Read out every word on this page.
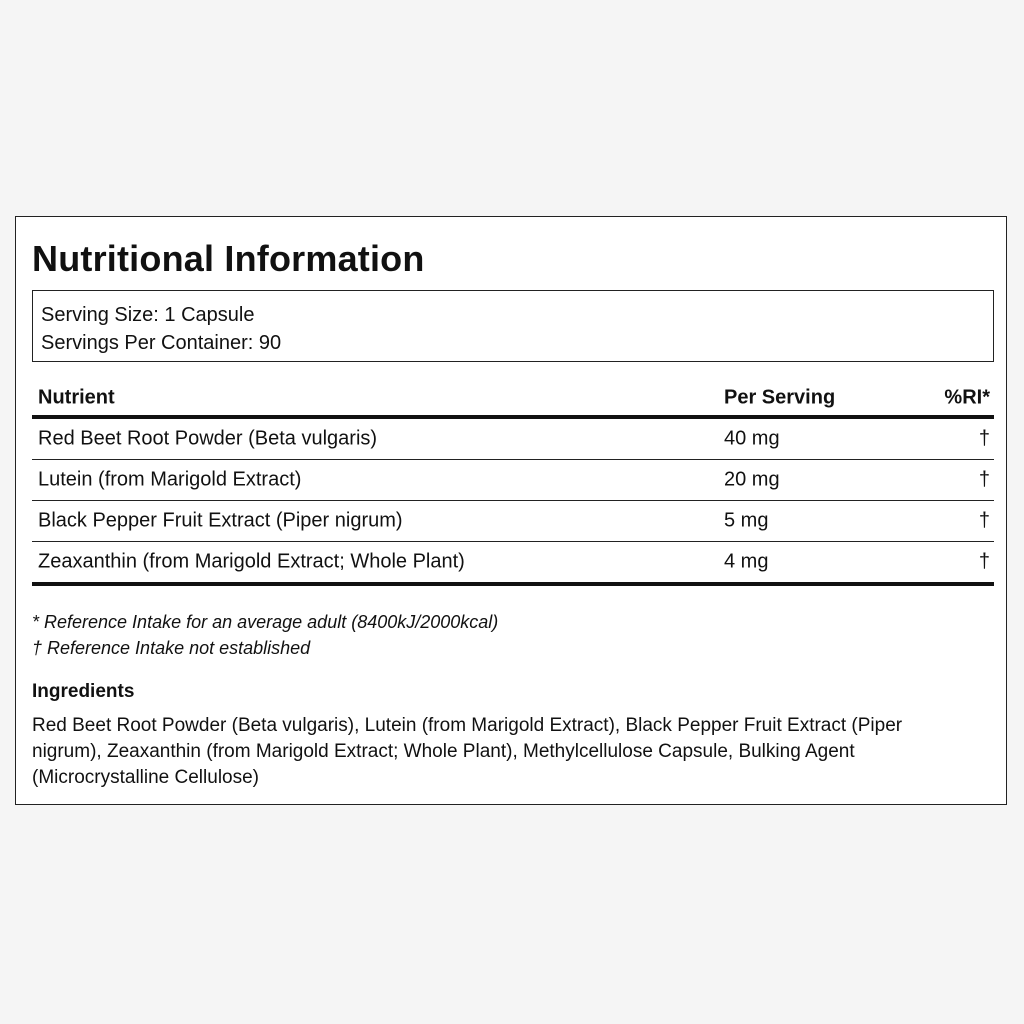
Nutritional Information
Serving Size: 1 Capsule
Servings Per Container: 90
Nutrient	Per Serving	%RI*
Red Beet Root Powder (Beta vulgaris)	40 mg	†
Lutein (from Marigold Extract)	20 mg	†
Black Pepper Fruit Extract (Piper nigrum)	5 mg	†
Zeaxanthin (from Marigold Extract; Whole Plant)	4 mg	†
* Reference Intake for an average adult (8400kJ/2000kcal)
† Reference Intake not established
Ingredients
Red Beet Root Powder (Beta vulgaris), Lutein (from Marigold Extract), Black Pepper Fruit Extract (Piper nigrum), Zeaxanthin (from Marigold Extract; Whole Plant), Methylcellulose Capsule, Bulking Agent (Microcrystalline Cellulose)
